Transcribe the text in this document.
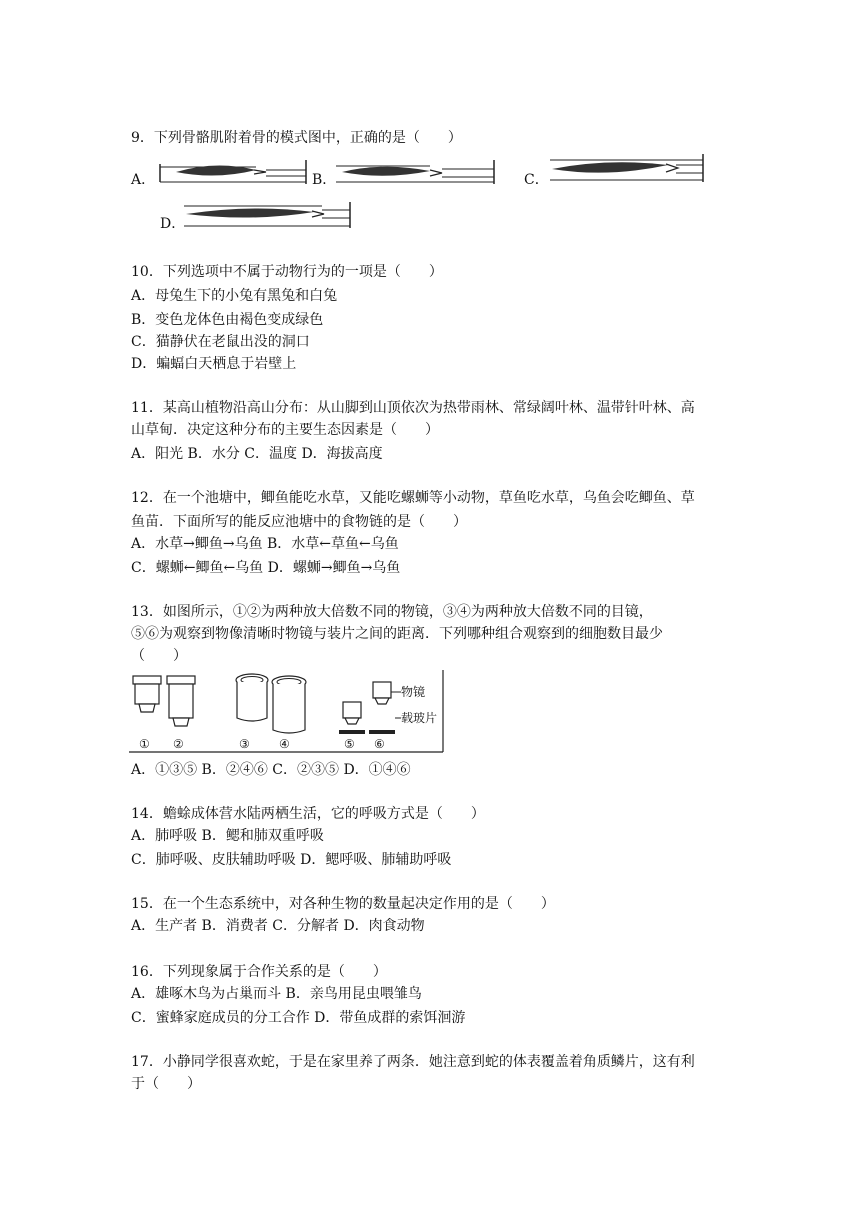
9．下列骨骼肌附着骨的模式图中，正确的是（　　）
A．	B．	C．
D．
10．下列选项中不属于动物行为的一项是（　　）
A．母兔生下的小兔有黑兔和白兔
B．变色龙体色由褐色变成绿色
C．猫静伏在老鼠出没的洞口
D．蝙蝠白天栖息于岩壁上
11．某高山植物沿高山分布：从山脚到山顶依次为热带雨林、常绿阔叶林、温带针叶林、高
山草甸．决定这种分布的主要生态因素是（　　）
A．阳光 B．水分 C．温度 D．海拔高度
12．在一个池塘中，鲫鱼能吃水草，又能吃螺蛳等小动物，草鱼吃水草，乌鱼会吃鲫鱼、草
鱼苗．下面所写的能反应池塘中的食物链的是（　　）
A．水草→鲫鱼→乌鱼 B．水草←草鱼←乌鱼
C．螺蛳←鲫鱼←乌鱼 D．螺蛳→鲫鱼→乌鱼
13．如图所示，①②为两种放大倍数不同的物镜，③④为两种放大倍数不同的目镜，
⑤⑥为观察到物像清晰时物镜与装片之间的距离．下列哪种组合观察到的细胞数目最少
（　　）
① ②	③ ④	⑤ ⑥
物镜
载玻片
A．①③⑤ B．②④⑥ C．②③⑤ D．①④⑥
14．蟾蜍成体营水陆两栖生活，它的呼吸方式是（　　）
A．肺呼吸 B．鳃和肺双重呼吸
C．肺呼吸、皮肤辅助呼吸 D．鳃呼吸、肺辅助呼吸
15．在一个生态系统中，对各种生物的数量起决定作用的是（　　）
A．生产者 B．消费者 C．分解者 D．肉食动物
16．下列现象属于合作关系的是（　　）
A．雄啄木鸟为占巢而斗 B．亲鸟用昆虫喂雏鸟
C．蜜蜂家庭成员的分工合作 D．带鱼成群的索饵洄游
17．小静同学很喜欢蛇，于是在家里养了两条．她注意到蛇的体表覆盖着角质鳞片，这有利
于（　　）
